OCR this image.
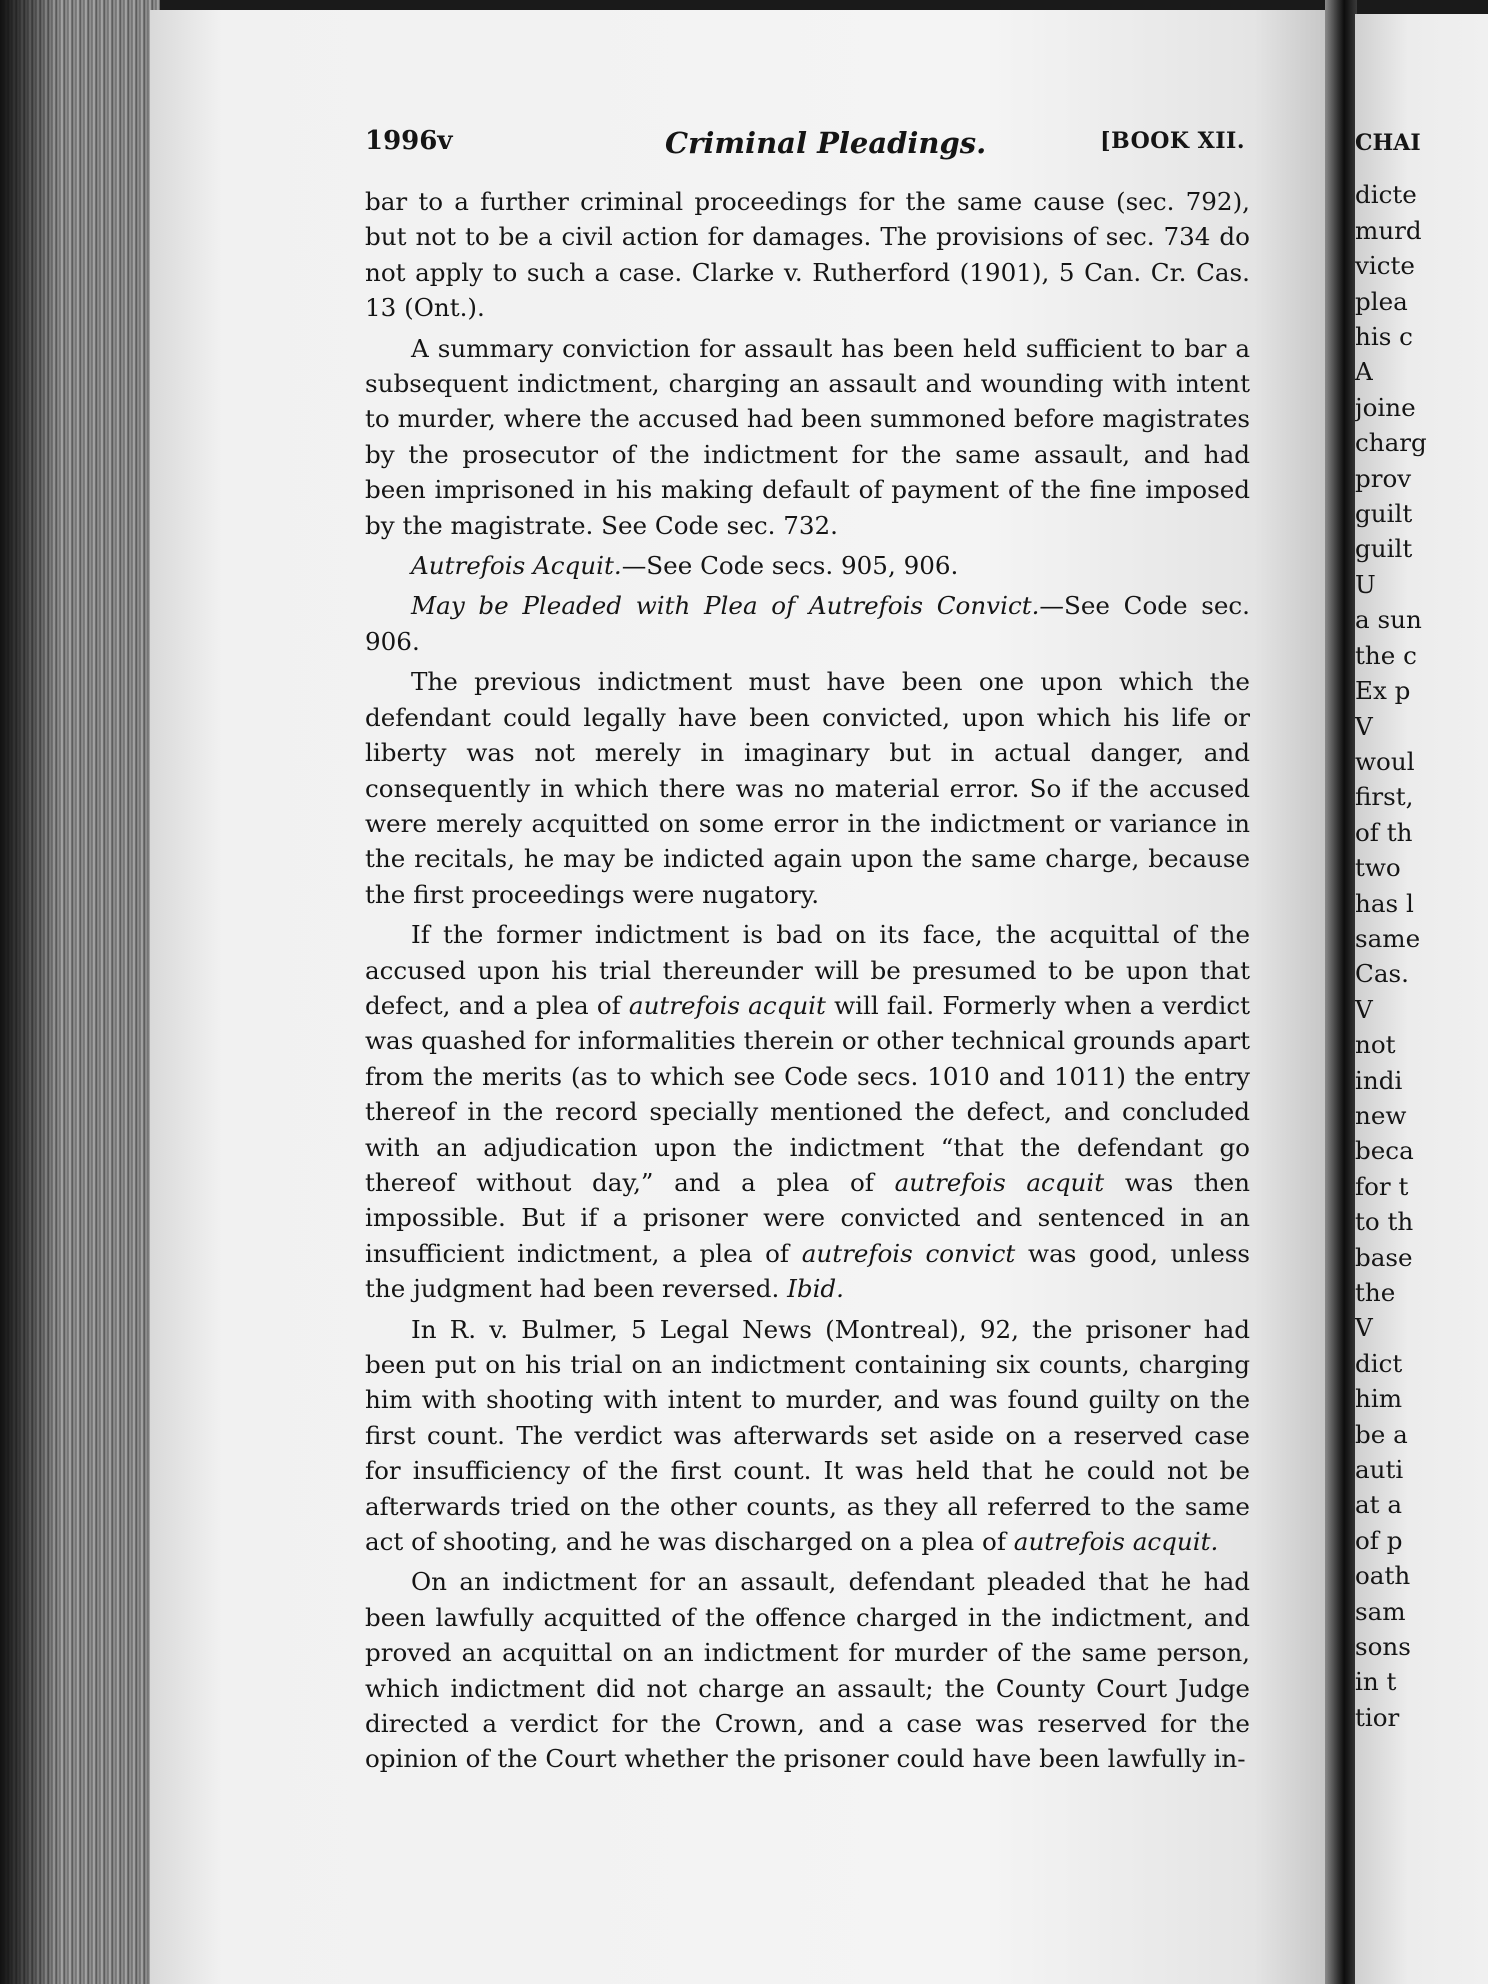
CHAI
dicte
murd
victe
plea
his c
A
joine
charg
prov
guilt
guilt
U
a sun
the c
Ex p
V
woul
first,
of th
two
has l
same
Cas.
V
not
indi
new
beca
for t
to th
base
the
V
dict
him
be a
auti
at a
of p
oath
sam
sons
in t
tior
1996v	Criminal Pleadings.	[BOOK XII.

bar to a further criminal proceedings for the same cause (sec. 792), but not to be a civil action for damages. The provisions of sec. 734 do not apply to such a case. Clarke v. Rutherford (1901), 5 Can. Cr. Cas. 13 (Ont.).

A summary conviction for assault has been held sufficient to bar a subsequent indictment, charging an assault and wounding with intent to murder, where the accused had been summoned before magistrates by the prosecutor of the indictment for the same assault, and had been imprisoned in his making default of payment of the fine imposed by the magistrate. See Code sec. 732.

Autrefois Acquit.—See Code secs. 905, 906.

May be Pleaded with Plea of Autrefois Convict.—See Code sec. 906.

The previous indictment must have been one upon which the defendant could legally have been convicted, upon which his life or liberty was not merely in imaginary but in actual danger, and consequently in which there was no material error. So if the accused were merely acquitted on some error in the indictment or variance in the recitals, he may be indicted again upon the same charge, because the first proceedings were nugatory.

If the former indictment is bad on its face, the acquittal of the accused upon his trial thereunder will be presumed to be upon that defect, and a plea of autrefois acquit will fail. Formerly when a verdict was quashed for informalities therein or other technical grounds apart from the merits (as to which see Code secs. 1010 and 1011) the entry thereof in the record specially mentioned the defect, and concluded with an adjudication upon the indictment “that the defendant go thereof without day,” and a plea of autrefois acquit was then impossible. But if a prisoner were convicted and sentenced in an insufficient indictment, a plea of autrefois convict was good, unless the judgment had been reversed. Ibid.

In R. v. Bulmer, 5 Legal News (Montreal), 92, the prisoner had been put on his trial on an indictment containing six counts, charging him with shooting with intent to murder, and was found guilty on the first count. The verdict was afterwards set aside on a reserved case for insufficiency of the first count. It was held that he could not be afterwards tried on the other counts, as they all referred to the same act of shooting, and he was discharged on a plea of autrefois acquit.

On an indictment for an assault, defendant pleaded that he had been lawfully acquitted of the offence charged in the indictment, and proved an acquittal on an indictment for murder of the same person, which indictment did not charge an assault; the County Court Judge directed a verdict for the Crown, and a case was reserved for the opinion of the Court whether the prisoner could have been lawfully in-
